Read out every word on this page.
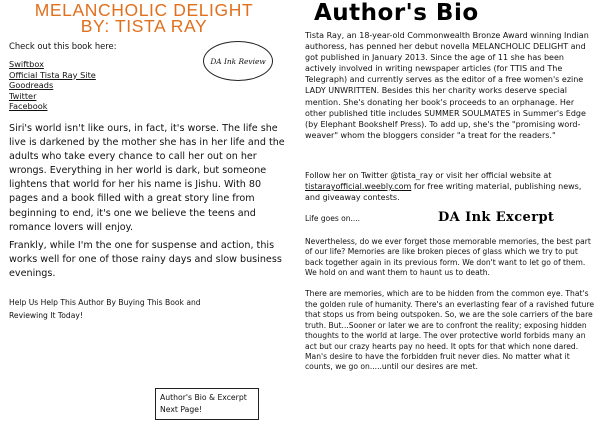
MELANCHOLIC DELIGHT
BY: TISTA RAY
Check out this book here:
Swiftbox
Official Tista Ray Site
Goodreads
Twitter
Facebook
DA Ink Review
Siri's world isn't like ours, in fact, it's worse. The life she live is darkened by the mother she has in her life and the adults who take every chance to call her out on her wrongs. Everything in her world is dark, but someone lightens that world for her his name is Jishu. With 80 pages and a book filled with a great story line from beginning to end, it's one we believe the teens and romance lovers will enjoy.
Frankly, while I'm the one for suspense and action, this works well for one of those rainy days and slow business evenings.
Help Us Help This Author By Buying This Book and
Reviewing It Today!
Author's Bio & Excerpt
Next Page!
Author's Bio
Tista Ray, an 18-year-old Commonwealth Bronze Award winning Indian authoress, has penned her debut novella MELANCHOLIC DELIGHT and got published in January 2013. Since the age of 11 she has been actively involved in writing newspaper articles (for TTIS and The Telegraph) and currently serves as the editor of a free women's ezine LADY UNWRITTEN. Besides this her charity works deserve special mention. She's donating her book's proceeds to an orphanage. Her other published title includes SUMMER SOULMATES in Summer's Edge (by Elephant Bookshelf Press). To add up, she's the "promising word-weaver" whom the bloggers consider "a treat for the readers."
Follow her on Twitter @tista_ray or visit her official website at tistarayofficial.weebly.com for free writing material, publishing news, and giveaway contests.
Life goes on....	DA Ink Excerpt

Nevertheless, do we ever forget those memorable memories, the best part of our life? Memories are like broken pieces of glass which we try to put back together again in its previous form. We don't want to let go of them. We hold on and want them to haunt us to death.

There are memories, which are to be hidden from the common eye. That's the golden rule of humanity. There's an everlasting fear of a ravished future that stops us from being outspoken. So, we are the sole carriers of the bare truth. But...Sooner or later we are to confront the reality; exposing hidden thoughts to the world at large. The over protective world forbids many an act but our crazy hearts pay no heed. It opts for that which none dared. Man's desire to have the forbidden fruit never dies. No matter what it counts, we go on.....until our desires are met.
